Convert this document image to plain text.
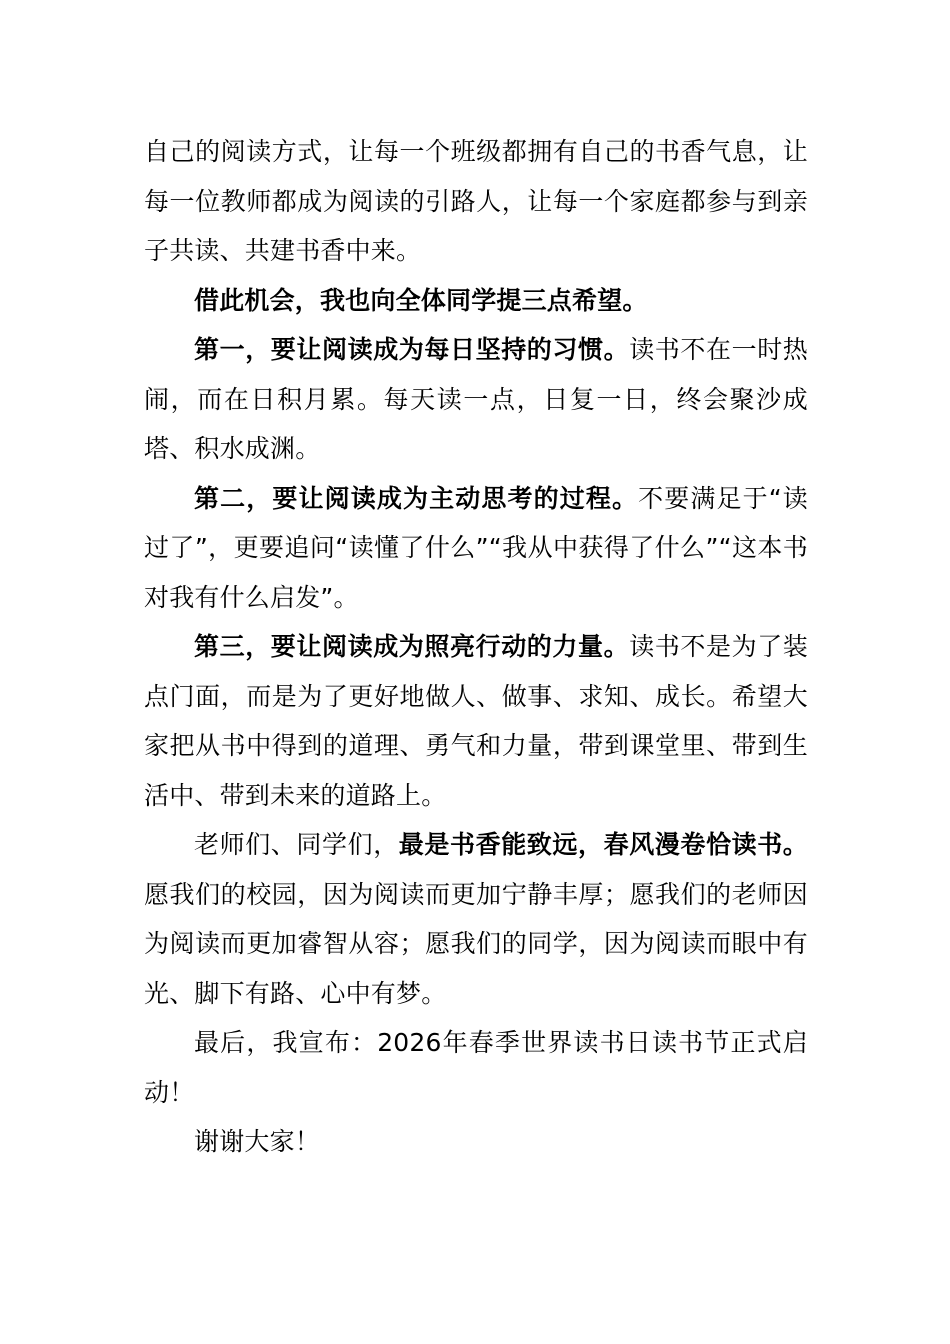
自己的阅读方式，让每一个班级都拥有自己的书香气息，让每一位教师都成为阅读的引路人，让每一个家庭都参与到亲子共读、共建书香中来。

借此机会，我也向全体同学提三点希望。

第一，要让阅读成为每日坚持的习惯。读书不在一时热闹，而在日积月累。每天读一点，日复一日，终会聚沙成塔、积水成渊。

第二，要让阅读成为主动思考的过程。不要满足于“读过了”，更要追问“读懂了什么”“我从中获得了什么”“这本书对我有什么启发”。

第三，要让阅读成为照亮行动的力量。读书不是为了装点门面，而是为了更好地做人、做事、求知、成长。希望大家把从书中得到的道理、勇气和力量，带到课堂里、带到生活中、带到未来的道路上。

老师们、同学们，最是书香能致远，春风漫卷恰读书。愿我们的校园，因为阅读而更加宁静丰厚；愿我们的老师因为阅读而更加睿智从容；愿我们的同学，因为阅读而眼中有光、脚下有路、心中有梦。

最后，我宣布：2026年春季世界读书日读书节正式启动！

谢谢大家！
